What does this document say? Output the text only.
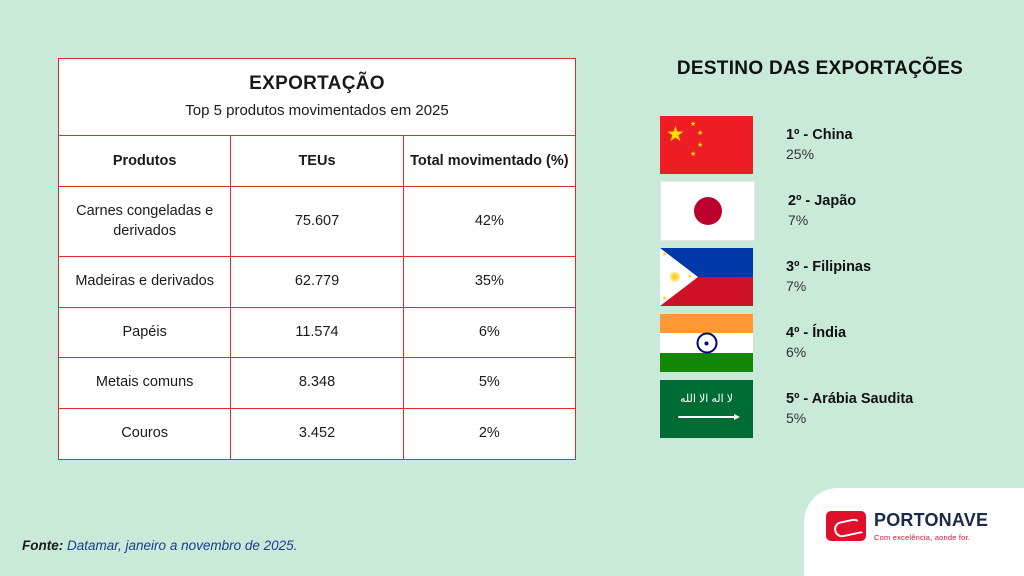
EXPORTAÇÃO
Top 5 produtos movimentados em 2025		

Produtos	TEUs	Total movimentado (%)
Carnes congeladas e derivados	75.607	42%
Madeiras e derivados	62.779	35%
Papéis	11.574	6%
Metais comuns	8.348	5%
Couros	3.452	2%
Fonte: Datamar, janeiro a novembro de 2025.
DESTINO DAS EXPORTAÇÕES
★ ★
★
★
★
1º - China
25%
2º - Japão
7%
✺
★
★
★
3º - Filipinas
7%
4º - Índia
6%
ﻻ ﺍﻟﻪ ﺍﻻ ﺍﻟﻠﻪ	5º - Arábia Saudita
5%
PORTONAVE
Com excelência, aonde for.
